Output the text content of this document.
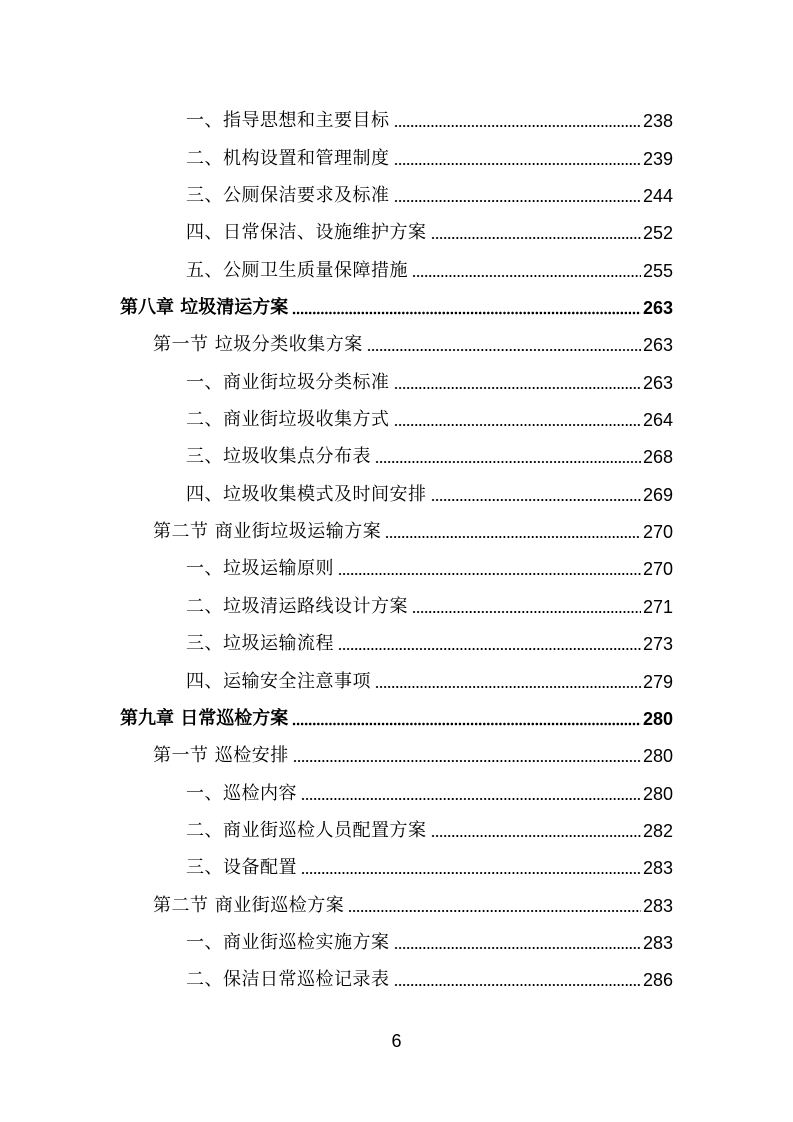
一、指导思想和主要目标	238
二、机构设置和管理制度	239
三、公厕保洁要求及标准	244
四、日常保洁、设施维护方案	252
五、公厕卫生质量保障措施	255
第八章 垃圾清运方案	263
第一节 垃圾分类收集方案	263
一、商业街垃圾分类标准	263
二、商业街垃圾收集方式	264
三、垃圾收集点分布表	268
四、垃圾收集模式及时间安排	269
第二节 商业街垃圾运输方案	270
一、垃圾运输原则	270
二、垃圾清运路线设计方案	271
三、垃圾运输流程	273
四、运输安全注意事项	279
第九章 日常巡检方案	280
第一节 巡检安排	280
一、巡检内容	280
二、商业街巡检人员配置方案	282
三、设备配置	283
第二节 商业街巡检方案	283
一、商业街巡检实施方案	283
二、保洁日常巡检记录表	286
6
